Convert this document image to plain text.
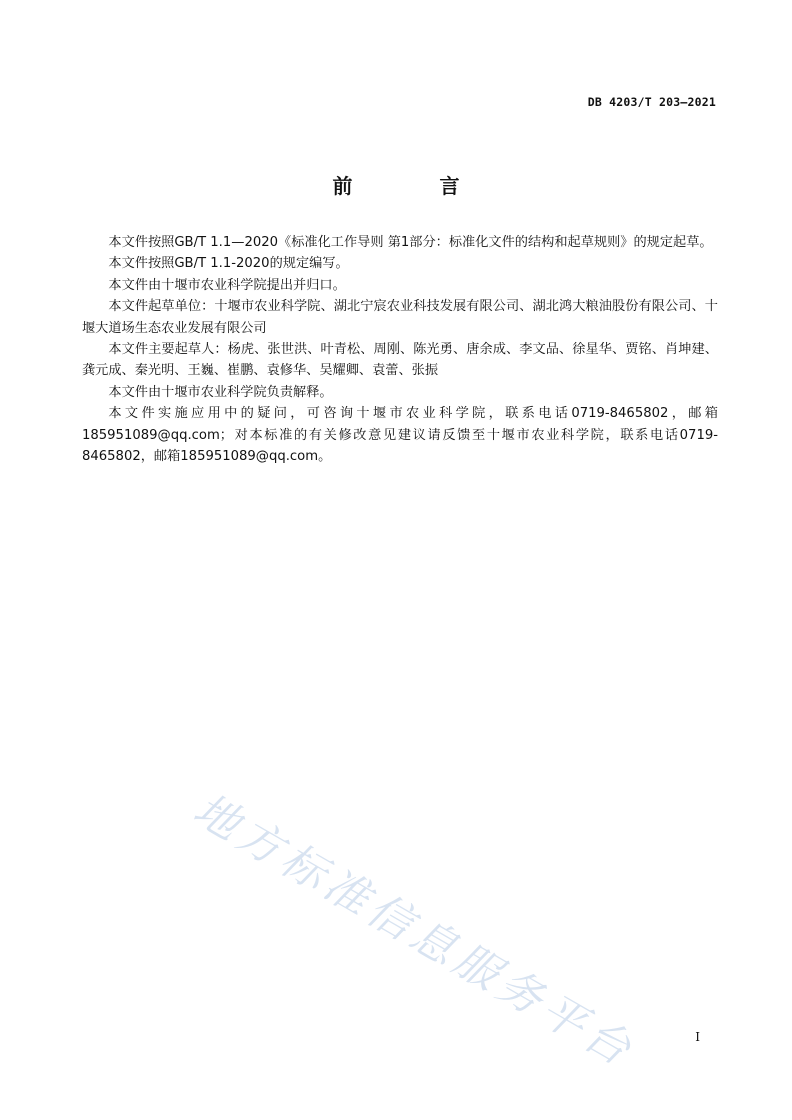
DB 4203/T 203—2021
前 言

本文件按照GB/T 1.1—2020《标准化工作导则 第1部分：标准化文件的结构和起草规则》的规定起草。

本文件按照GB/T 1.1-2020的规定编写。

本文件由十堰市农业科学院提出并归口。

本文件起草单位：十堰市农业科学院、湖北宁宸农业科技发展有限公司、湖北鸿大粮油股份有限公司、十堰大道场生态农业发展有限公司

本文件主要起草人：杨虎、张世洪、叶青松、周刚、陈光勇、唐余成、李文品、徐星华、贾铭、肖坤建、龚元成、秦光明、王巍、崔鹏、袁修华、吴耀卿、袁蕾、张振

本文件由十堰市农业科学院负责解释。

本文件实施应用中的疑问，可咨询十堰市农业科学院，联系电话0719-8465802，邮箱185951089@qq.com；对本标准的有关修改意见建议请反馈至十堰市农业科学院，联系电话0719-8465802，邮箱185951089@qq.com。

地方标准信息服务平台	I
